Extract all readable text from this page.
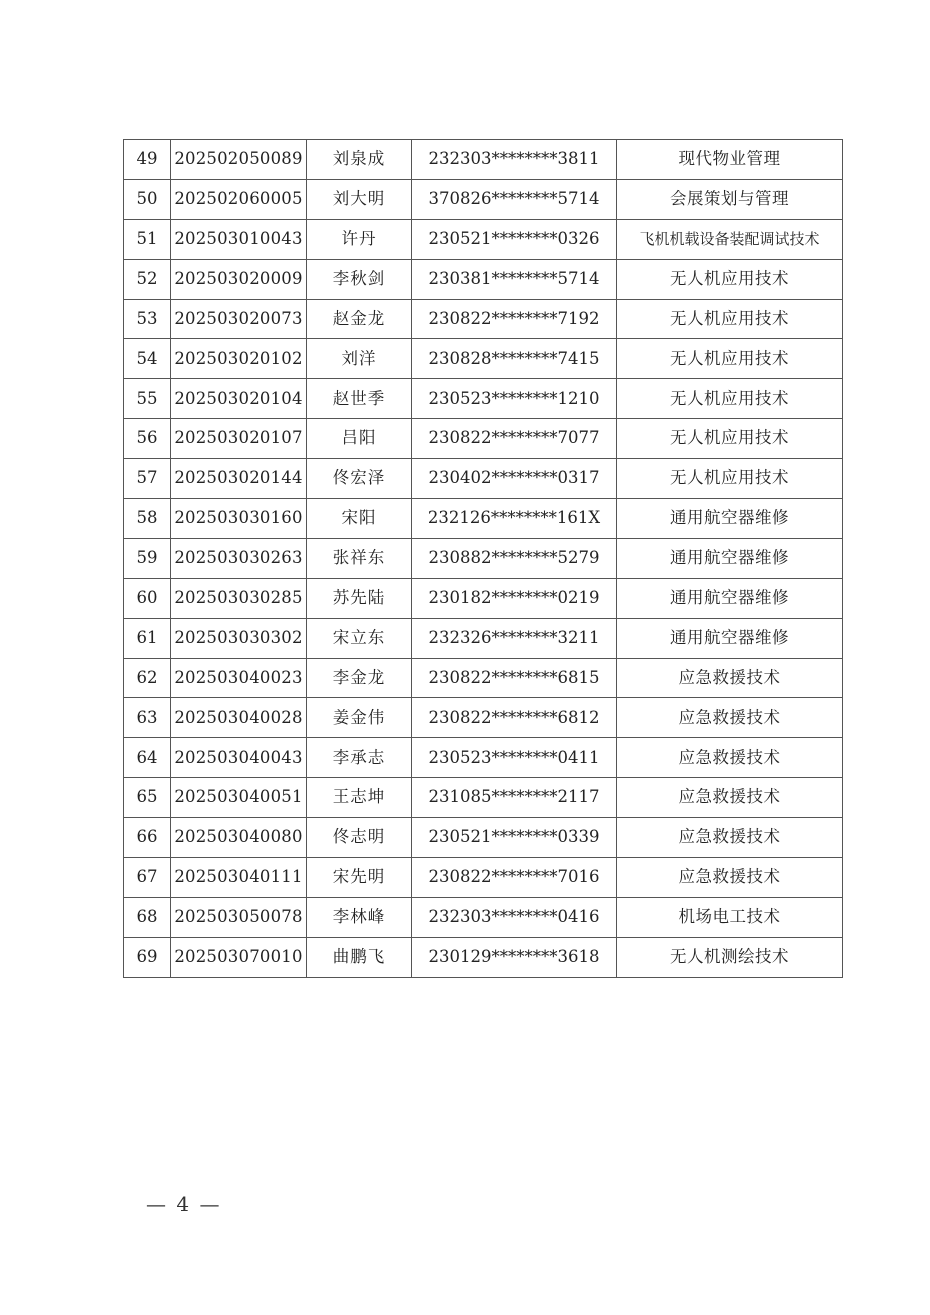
49	202502050089	刘泉成	232303********3811	现代物业管理
50	202502060005	刘大明	370826********5714	会展策划与管理
51	202503010043	许丹	230521********0326	飞机机载设备装配调试技术
52	202503020009	李秋剑	230381********5714	无人机应用技术
53	202503020073	赵金龙	230822********7192	无人机应用技术
54	202503020102	刘洋	230828********7415	无人机应用技术
55	202503020104	赵世季	230523********1210	无人机应用技术
56	202503020107	吕阳	230822********7077	无人机应用技术
57	202503020144	佟宏泽	230402********0317	无人机应用技术
58	202503030160	宋阳	232126********161X	通用航空器维修
59	202503030263	张祥东	230882********5279	通用航空器维修
60	202503030285	苏先陆	230182********0219	通用航空器维修
61	202503030302	宋立东	232326********3211	通用航空器维修
62	202503040023	李金龙	230822********6815	应急救援技术
63	202503040028	姜金伟	230822********6812	应急救援技术
64	202503040043	李承志	230523********0411	应急救援技术
65	202503040051	王志坤	231085********2117	应急救援技术
66	202503040080	佟志明	230521********0339	应急救援技术
67	202503040111	宋先明	230822********7016	应急救援技术
68	202503050078	李林峰	232303********0416	机场电工技术
69	202503070010	曲鹏飞	230129********3618	无人机测绘技术
— 4 —
